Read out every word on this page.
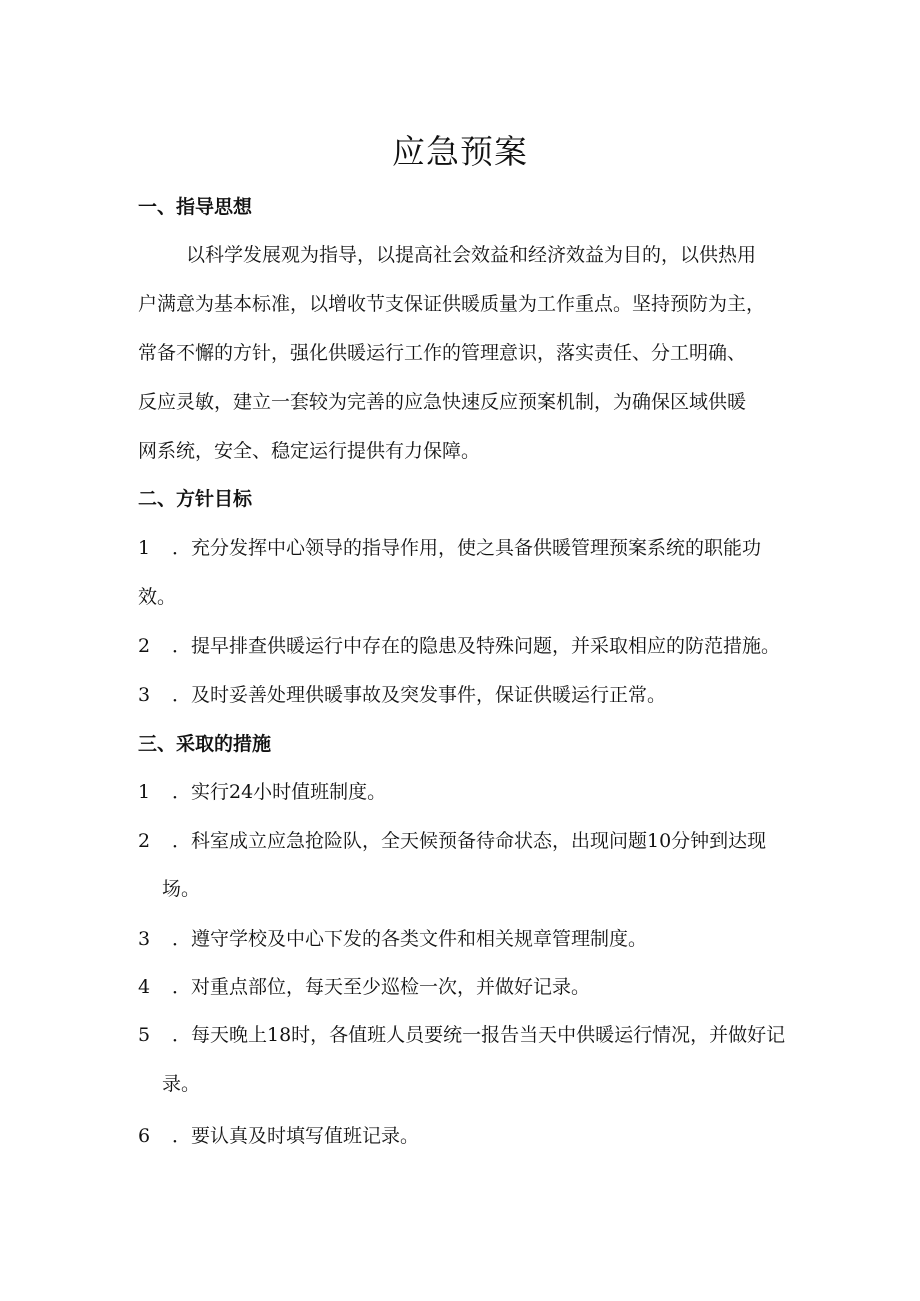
应急预案
一、指导思想

以科学发展观为指导，以提高社会效益和经济效益为目的，以供热用

户满意为基本标准，以增收节支保证供暖质量为工作重点。坚持预防为主，

常备不懈的方针，强化供暖运行工作的管理意识，落实责任、分工明确、

反应灵敏，建立一套较为完善的应急快速反应预案机制，为确保区域供暖

网系统，安全、稳定运行提供有力保障。

二、方针目标

1 ．充分发挥中心领导的指导作用，使之具备供暖管理预案系统的职能功

效。

2 ．提早排查供暖运行中存在的隐患及特殊问题，并采取相应的防范措施。

3 ．及时妥善处理供暖事故及突发事件，保证供暖运行正常。

三、采取的措施

1 ．实行24小时值班制度。

2 ．科室成立应急抢险队，全天候预备待命状态，出现问题10分钟到达现

场。

3 ．遵守学校及中心下发的各类文件和相关规章管理制度。

4 ．对重点部位，每天至少巡检一次，并做好记录。

5 ．每天晚上18时，各值班人员要统一报告当天中供暖运行情况，并做好记

录。

6 ．要认真及时填写值班记录。
